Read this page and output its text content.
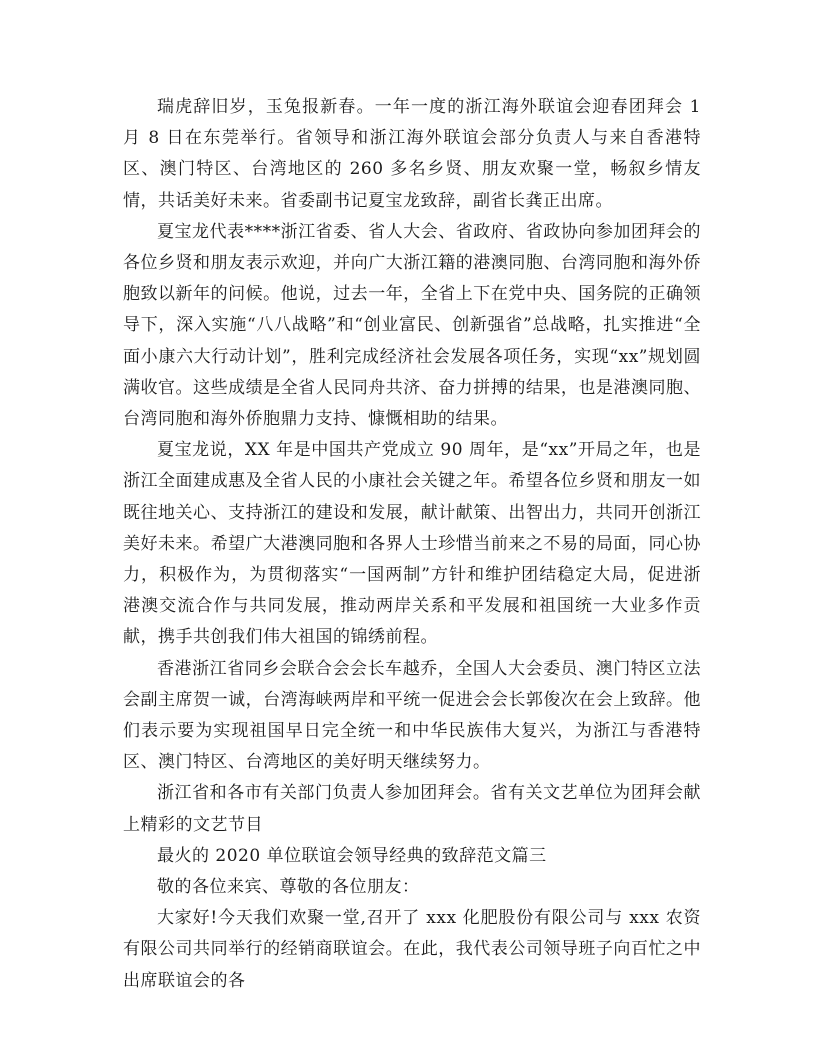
瑞虎辞旧岁，玉兔报新春。一年一度的浙江海外联谊会迎春团拜会 1 月 8 日在东莞举行。省领导和浙江海外联谊会部分负责人与来自香港特区、澳门特区、台湾地区的 260 多名乡贤、朋友欢聚一堂，畅叙乡情友情，共话美好未来。省委副书记夏宝龙致辞，副省长龚正出席。

夏宝龙代表****浙江省委、省人大会、省政府、省政协向参加团拜会的各位乡贤和朋友表示欢迎，并向广大浙江籍的港澳同胞、台湾同胞和海外侨胞致以新年的问候。他说，过去一年，全省上下在党中央、国务院的正确领导下，深入实施“八八战略”和“创业富民、创新强省”总战略，扎实推进“全面小康六大行动计划”，胜利完成经济社会发展各项任务，实现“xx”规划圆满收官。这些成绩是全省人民同舟共济、奋力拼搏的结果，也是港澳同胞、台湾同胞和海外侨胞鼎力支持、慷慨相助的结果。

夏宝龙说，XX 年是中国共产党成立 90 周年，是“xx”开局之年，也是浙江全面建成惠及全省人民的小康社会关键之年。希望各位乡贤和朋友一如既往地关心、支持浙江的建设和发展，献计献策、出智出力，共同开创浙江美好未来。希望广大港澳同胞和各界人士珍惜当前来之不易的局面，同心协力，积极作为，为贯彻落实“一国两制”方针和维护团结稳定大局，促进浙港澳交流合作与共同发展，推动两岸关系和平发展和祖国统一大业多作贡献，携手共创我们伟大祖国的锦绣前程。

香港浙江省同乡会联合会会长车越乔，全国人大会委员、澳门特区立法会副主席贺一诚，台湾海峡两岸和平统一促进会会长郭俊次在会上致辞。他们表示要为实现祖国早日完全统一和中华民族伟大复兴，为浙江与香港特区、澳门特区、台湾地区的美好明天继续努力。

浙江省和各市有关部门负责人参加团拜会。省有关文艺单位为团拜会献上精彩的文艺节目

最火的 2020 单位联谊会领导经典的致辞范文篇三

敬的各位来宾、尊敬的各位朋友：

大家好!今天我们欢聚一堂,召开了 xxx 化肥股份有限公司与 xxx 农资有限公司共同举行的经销商联谊会。在此，我代表公司领导班子向百忙之中出席联谊会的各
